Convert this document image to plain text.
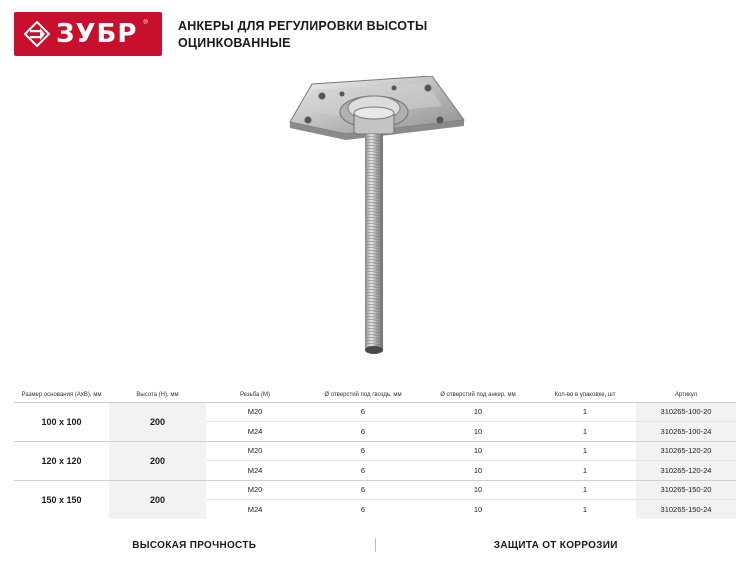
ЗУБР ® АНКЕРЫ ДЛЯ РЕГУЛИРОВКИ ВЫСОТЫ
ОЦИНКОВАННЫЕ
Размер основания (АхВ), мм	Высота (Н), мм	Резьба (М)	Ø отверстий под гвоздь, мм	Ø отверстий под анкер, мм	Кол-во в упаковке, шт	Артикул
100 х 100	200	М20	6	10	1	310265-100-20
		М24	6	10	1	310265-100-24
120 х 120	200	М20	6	10	1	310265-120-20
		М24	6	10	1	310265-120-24
150 х 150	200	М20	6	10	1	310265-150-20
		М24	6	10	1	310265-150-24
ВЫСОКАЯ ПРОЧНОСТЬ	ЗАЩИТА ОТ КОРРОЗИИ
